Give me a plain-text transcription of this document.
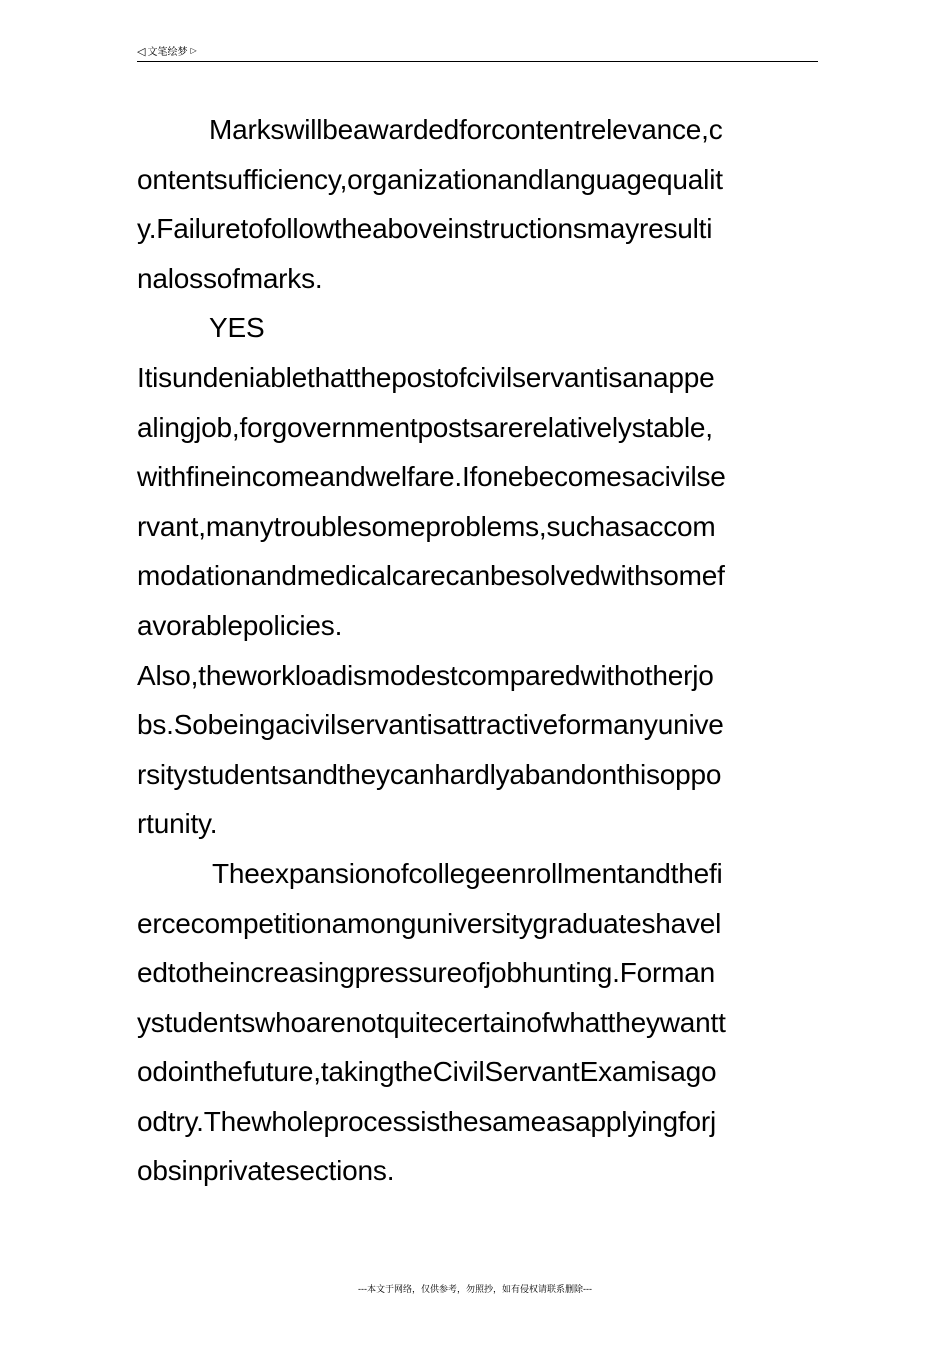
◁ 文笔绘梦 ▷
Markswillbeawardedforcontentrelevance,c
ontentsufficiency,organizationandlanguagequalit
y.Failuretofollowtheaboveinstructionsmayresulti
nalossofmarks.
YES
Itisundeniablethatthepostofcivilservantisanappe
alingjob,forgovernmentpostsarerelativelystable,
withfineincomeandwelfare.Ifonebecomesacivilse
rvant,manytroublesomeproblems,suchasaccom
modationandmedicalcarecanbesolvedwithsomef
avorablepolicies.
Also,theworkloadismodestcomparedwithotherjo
bs.Sobeingacivilservantisattractiveformanyunive
rsitystudentsandtheycanhardlyabandonthisoppo
rtunity.
Theexpansionofcollegeenrollmentandthefi
ercecompetitionamonguniversitygraduateshavel
edtotheincreasingpressureofjobhunting.Forman
ystudentswhoarenotquitecertainofwhattheywantt
odointhefuture,takingtheCivilServantExamisago
odtry.Thewholeprocessisthesameasapplyingforj
obsinprivatesections.
---本文于网络，仅供参考，勿照抄，如有侵权请联系删除---
